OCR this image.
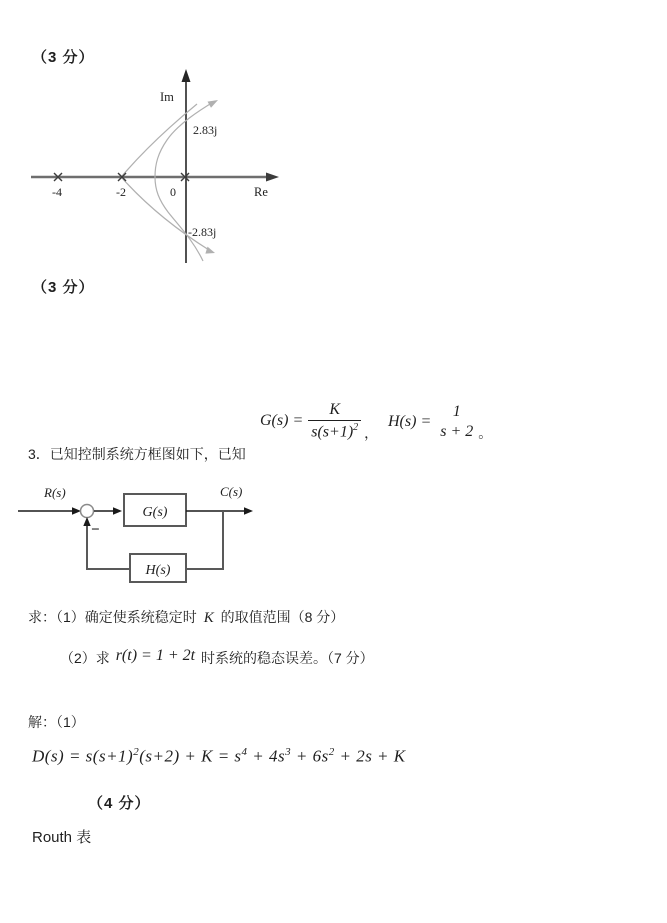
（3 分）
Im
Re
2.83j
-2.83j
-4	-2	0
（3 分）
3．已知控制系统方框图如下，已知
$G(s) = \frac{K}{s(s+1)^2}$ ，
H(s) =
1
s + 2 。
G(s)
H(s)
−
R(s)	C(s)
求：（1）确定使系统稳定时 K 的取值范围（8 分）
（2）求 r(t) = 1 + 2t 时系统的稳态误差。（7 分）
解：（1）
$D(s) = s(s+1)^2(s+2) + K = s^4 + 4s^3 + 6s^2 + 2s + K$
（4 分）
Routh 表
